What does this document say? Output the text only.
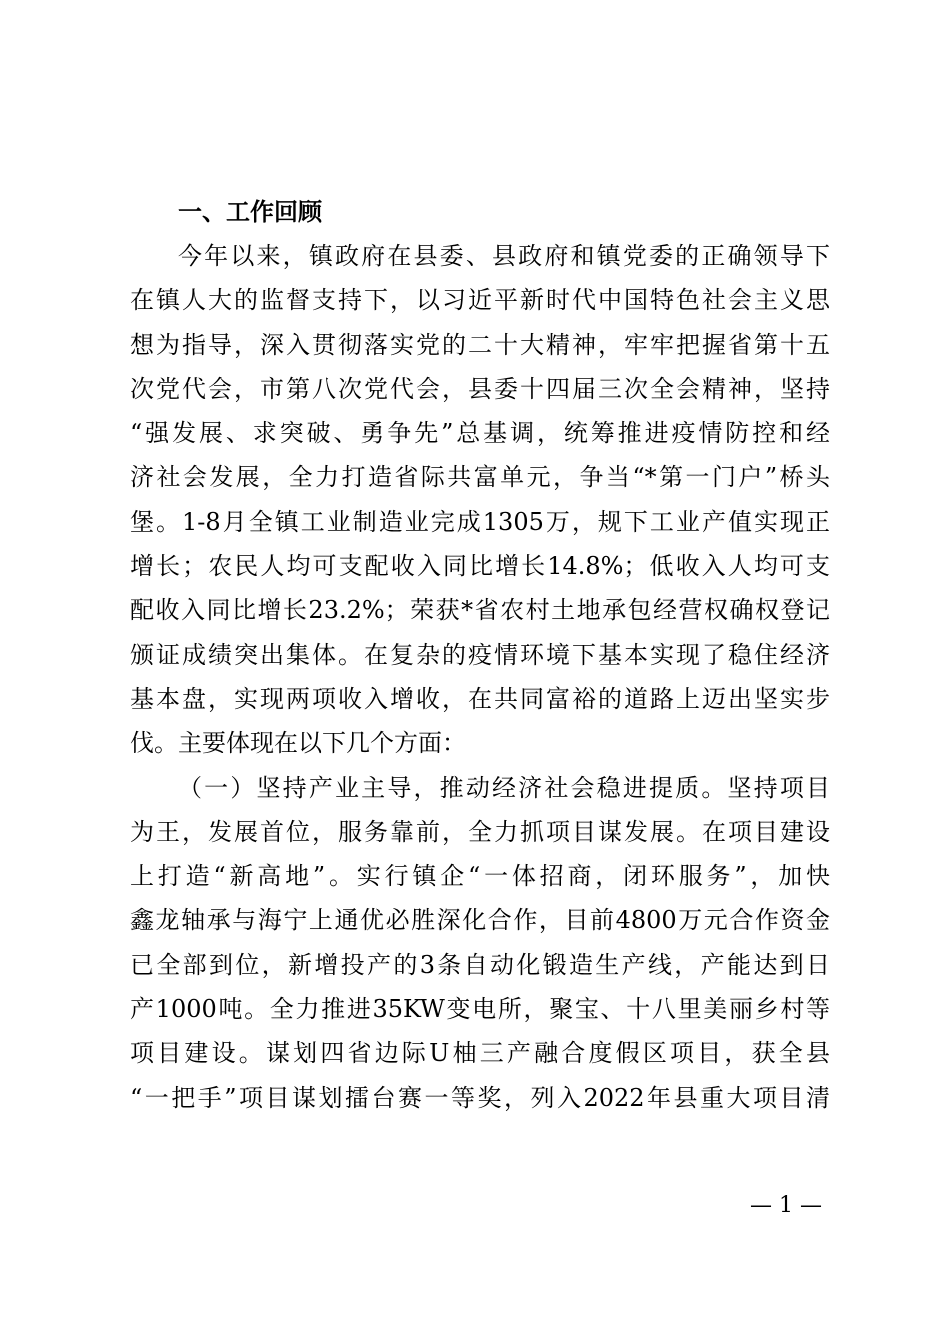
一、工作回顾
今年以来，镇政府在县委、县政府和镇党委的正确领导下
在镇人大的监督支持下，以习近平新时代中国特色社会主义思
想为指导，深入贯彻落实党的二十大精神，牢牢把握省第十五
次党代会，市第八次党代会，县委十四届三次全会精神，坚持
“强发展、求突破、勇争先”总基调，统筹推进疫情防控和经
济社会发展，全力打造省际共富单元，争当“*第一门户”桥头
堡。1-8月全镇工业制造业完成1305万，规下工业产值实现正
增长；农民人均可支配收入同比增长14.8%；低收入人均可支
配收入同比增长23.2%；荣获*省农村土地承包经营权确权登记
颁证成绩突出集体。在复杂的疫情环境下基本实现了稳住经济
基本盘，实现两项收入增收，在共同富裕的道路上迈出坚实步
伐。主要体现在以下几个方面：
（一）坚持产业主导，推动经济社会稳进提质。坚持项目
为王，发展首位，服务靠前，全力抓项目谋发展。在项目建设
上打造“新高地”。实行镇企“一体招商，闭环服务”，加快
鑫龙轴承与海宁上通优必胜深化合作，目前4800万元合作资金
已全部到位，新增投产的3条自动化锻造生产线，产能达到日
产1000吨。全力推进35KW变电所，聚宝、十八里美丽乡村等
项目建设。谋划四省边际U柚三产融合度假区项目，获全县
“一把手”项目谋划擂台赛一等奖，列入2022年县重大项目清
— 1 —
